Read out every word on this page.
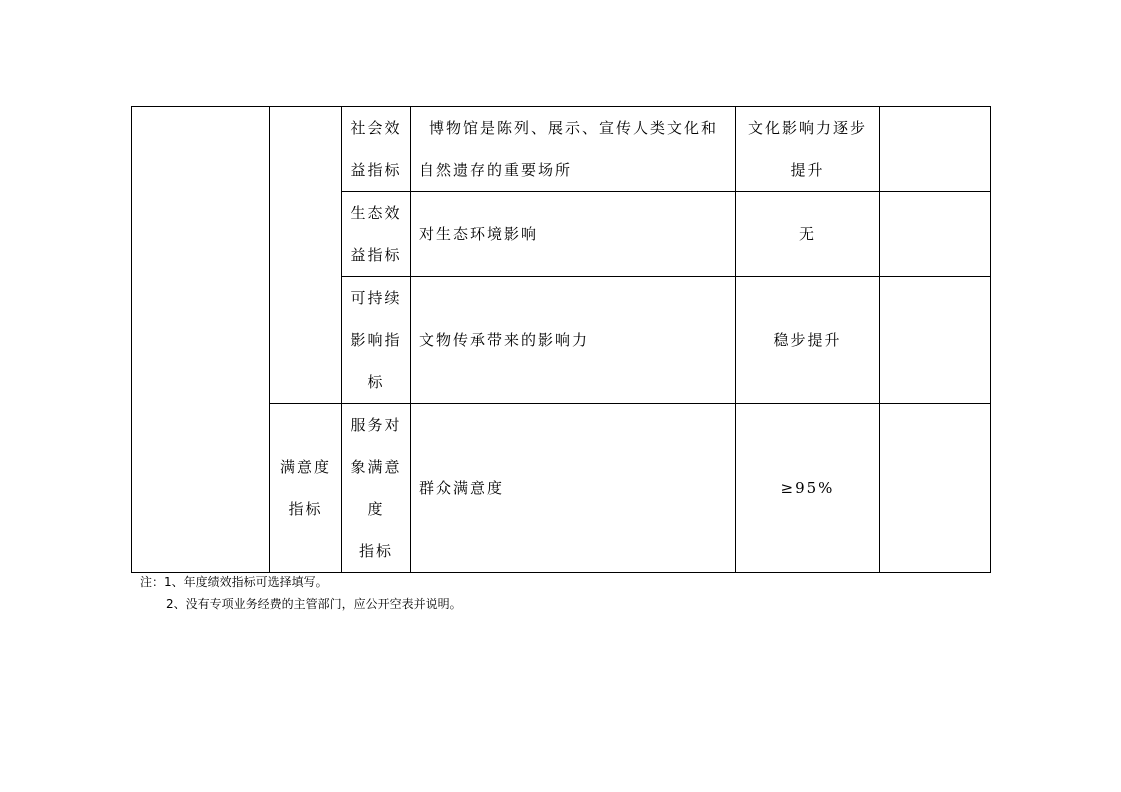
		社会效
益指标	博物馆是陈列、展示、宣传人类文化和
自然遗存的重要场所	文化影响力逐步
提升	

		生态效
益指标	对生态环境影响	无	

		可持续
影响指
标	文物传承带来的影响力	稳步提升	

	满意度
指标	服务对
象满意
度
指标	群众满意度	≥95%	

注：1、年度绩效指标可选择填写。
2、没有专项业务经费的主管部门，应公开空表并说明。
